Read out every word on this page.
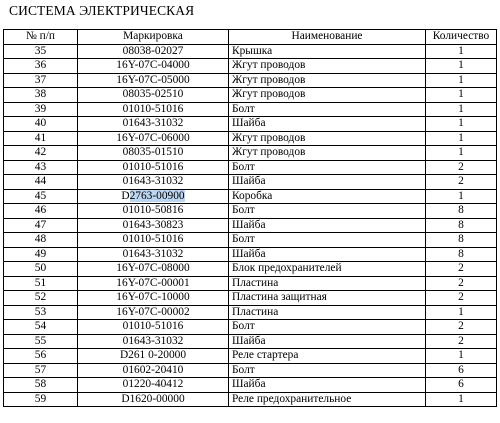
СИСТЕМА ЭЛЕКТРИЧЕСКАЯ
№ п/п	Маркировка	Наименование	Количество
35	08038-02027	Крышка	1
36	16Y-07C-04000	Жгут проводов	1
37	16Y-07C-05000	Жгут проводов	1
38	08035-02510	Жгут проводов	1
39	01010-51016	Болт	1
40	01643-31032	Шайба	1
41	16Y-07C-06000	Жгут проводов	1
42	08035-01510	Жгут проводов	1
43	01010-51016	Болт	2
44	01643-31032	Шайба	2
45	D2763-00900	Коробка	1
46	01010-50816	Болт	8
47	01643-30823	Шайба	8
48	01010-51016	Болт	8
49	01643-31032	Шайба	8
50	16Y-07C-08000	Блок предохранителей	2
51	16Y-07C-00001	Пластина	2
52	16Y-07C-10000	Пластина защитная	2
53	16Y-07C-00002	Пластина	1
54	01010-51016	Болт	2
55	01643-31032	Шайба	2
56	D261 0-20000	Реле стартера	1
57	01602-20410	Болт	6
58	01220-40412	Шайба	6
59	D1620-00000	Реле предохранительное	1
